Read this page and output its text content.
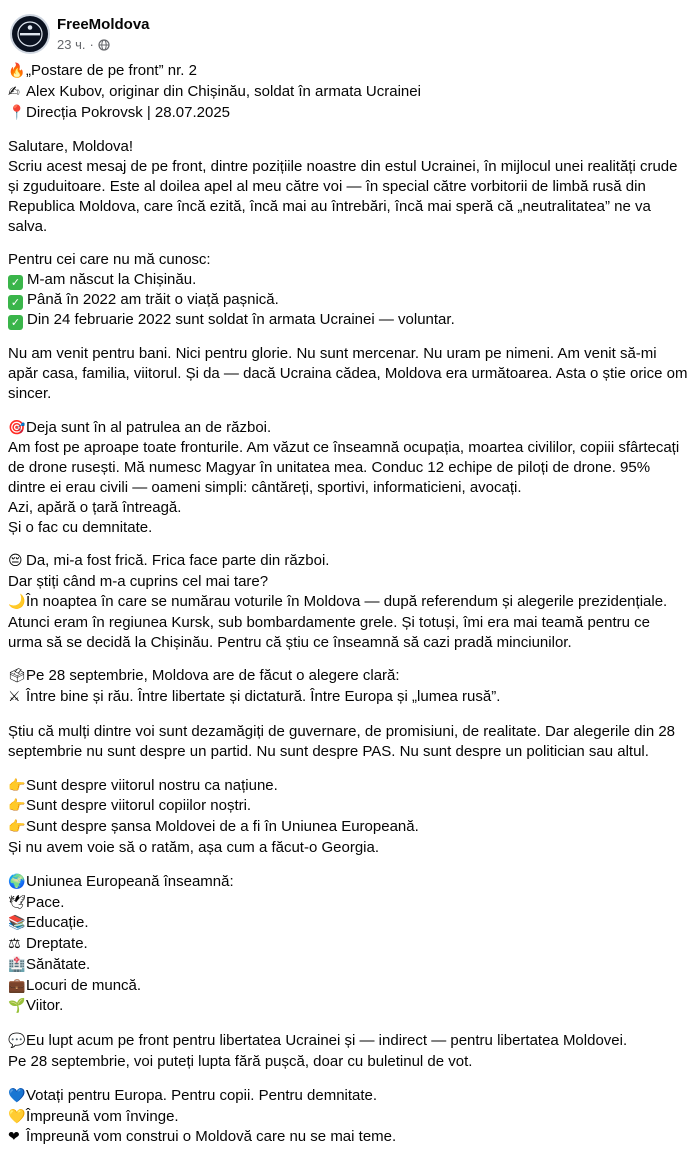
FreeMoldova
23 ч. ·

🔥„Postare de pe front” nr. 2
✍ Alex Kubov, originar din Chișinău, soldat în armata Ucrainei
📍Direcția Pokrovsk | 28.07.2025

Salutare, Moldova!
Scriu acest mesaj de pe front, dintre pozițiile noastre din estul Ucrainei, în mijlocul unei realități crude și zguduitoare. Este al doilea apel al meu către voi — în special către vorbitorii de limbă rusă din Republica Moldova, care încă ezită, încă mai au întrebări, încă mai speră că „neutralitatea” ne va salva.

Pentru cei care nu mă cunosc:
✓ M-am născut la Chișinău.
✓ Până în 2022 am trăit o viață pașnică.
✓ Din 24 februarie 2022 sunt soldat în armata Ucrainei — voluntar.

Nu am venit pentru bani. Nici pentru glorie. Nu sunt mercenar. Nu uram pe nimeni. Am venit să-mi apăr casa, familia, viitorul. Și da — dacă Ucraina cădea, Moldova era următoarea. Asta o știe orice om sincer.

🎯Deja sunt în al patrulea an de război.
Am fost pe aproape toate fronturile. Am văzut ce înseamnă ocupația, moartea civililor, copiii sfârtecați de drone rusești. Mă numesc Magyar în unitatea mea. Conduc 12 echipe de piloți de drone. 95% dintre ei erau civili — oameni simpli: cântăreți, sportivi, informaticieni, avocați.
Azi, apără o țară întreagă.
Și o fac cu demnitate.

😔 Da, mi-a fost frică. Frica face parte din război.
Dar știți când m-a cuprins cel mai tare?
🌙În noaptea în care se numărau voturile în Moldova — după referendum și alegerile prezidențiale.
Atunci eram în regiunea Kursk, sub bombardamente grele. Și totuși, îmi era mai teamă pentru ce urma să se decidă la Chișinău. Pentru că știu ce înseamnă să cazi pradă minciunilor.

🗳Pe 28 septembrie, Moldova are de făcut o alegere clară:
⚔ Între bine și rău. Între libertate și dictatură. Între Europa și „lumea rusă”.

Știu că mulți dintre voi sunt dezamăgiți de guvernare, de promisiuni, de realitate. Dar alegerile din 28 septembrie nu sunt despre un partid. Nu sunt despre PAS. Nu sunt despre un politician sau altul.

👉Sunt despre viitorul nostru ca națiune.
👉Sunt despre viitorul copiilor noștri.
👉Sunt despre șansa Moldovei de a fi în Uniunea Europeană.
Și nu avem voie să o ratăm, așa cum a făcut-o Georgia.

🌍Uniunea Europeană înseamnă:
🕊Pace.
📚Educație.
⚖ Dreptate.
🏥Sănătate.
💼Locuri de muncă.
🌱Viitor.

💬Eu lupt acum pe front pentru libertatea Ucrainei și — indirect — pentru libertatea Moldovei.
Pe 28 septembrie, voi puteți lupta fără pușcă, doar cu buletinul de vot.

💙Votați pentru Europa. Pentru copii. Pentru demnitate.
💛Împreună vom învinge.
❤ Împreună vom construi o Moldovă care nu se mai teme.
